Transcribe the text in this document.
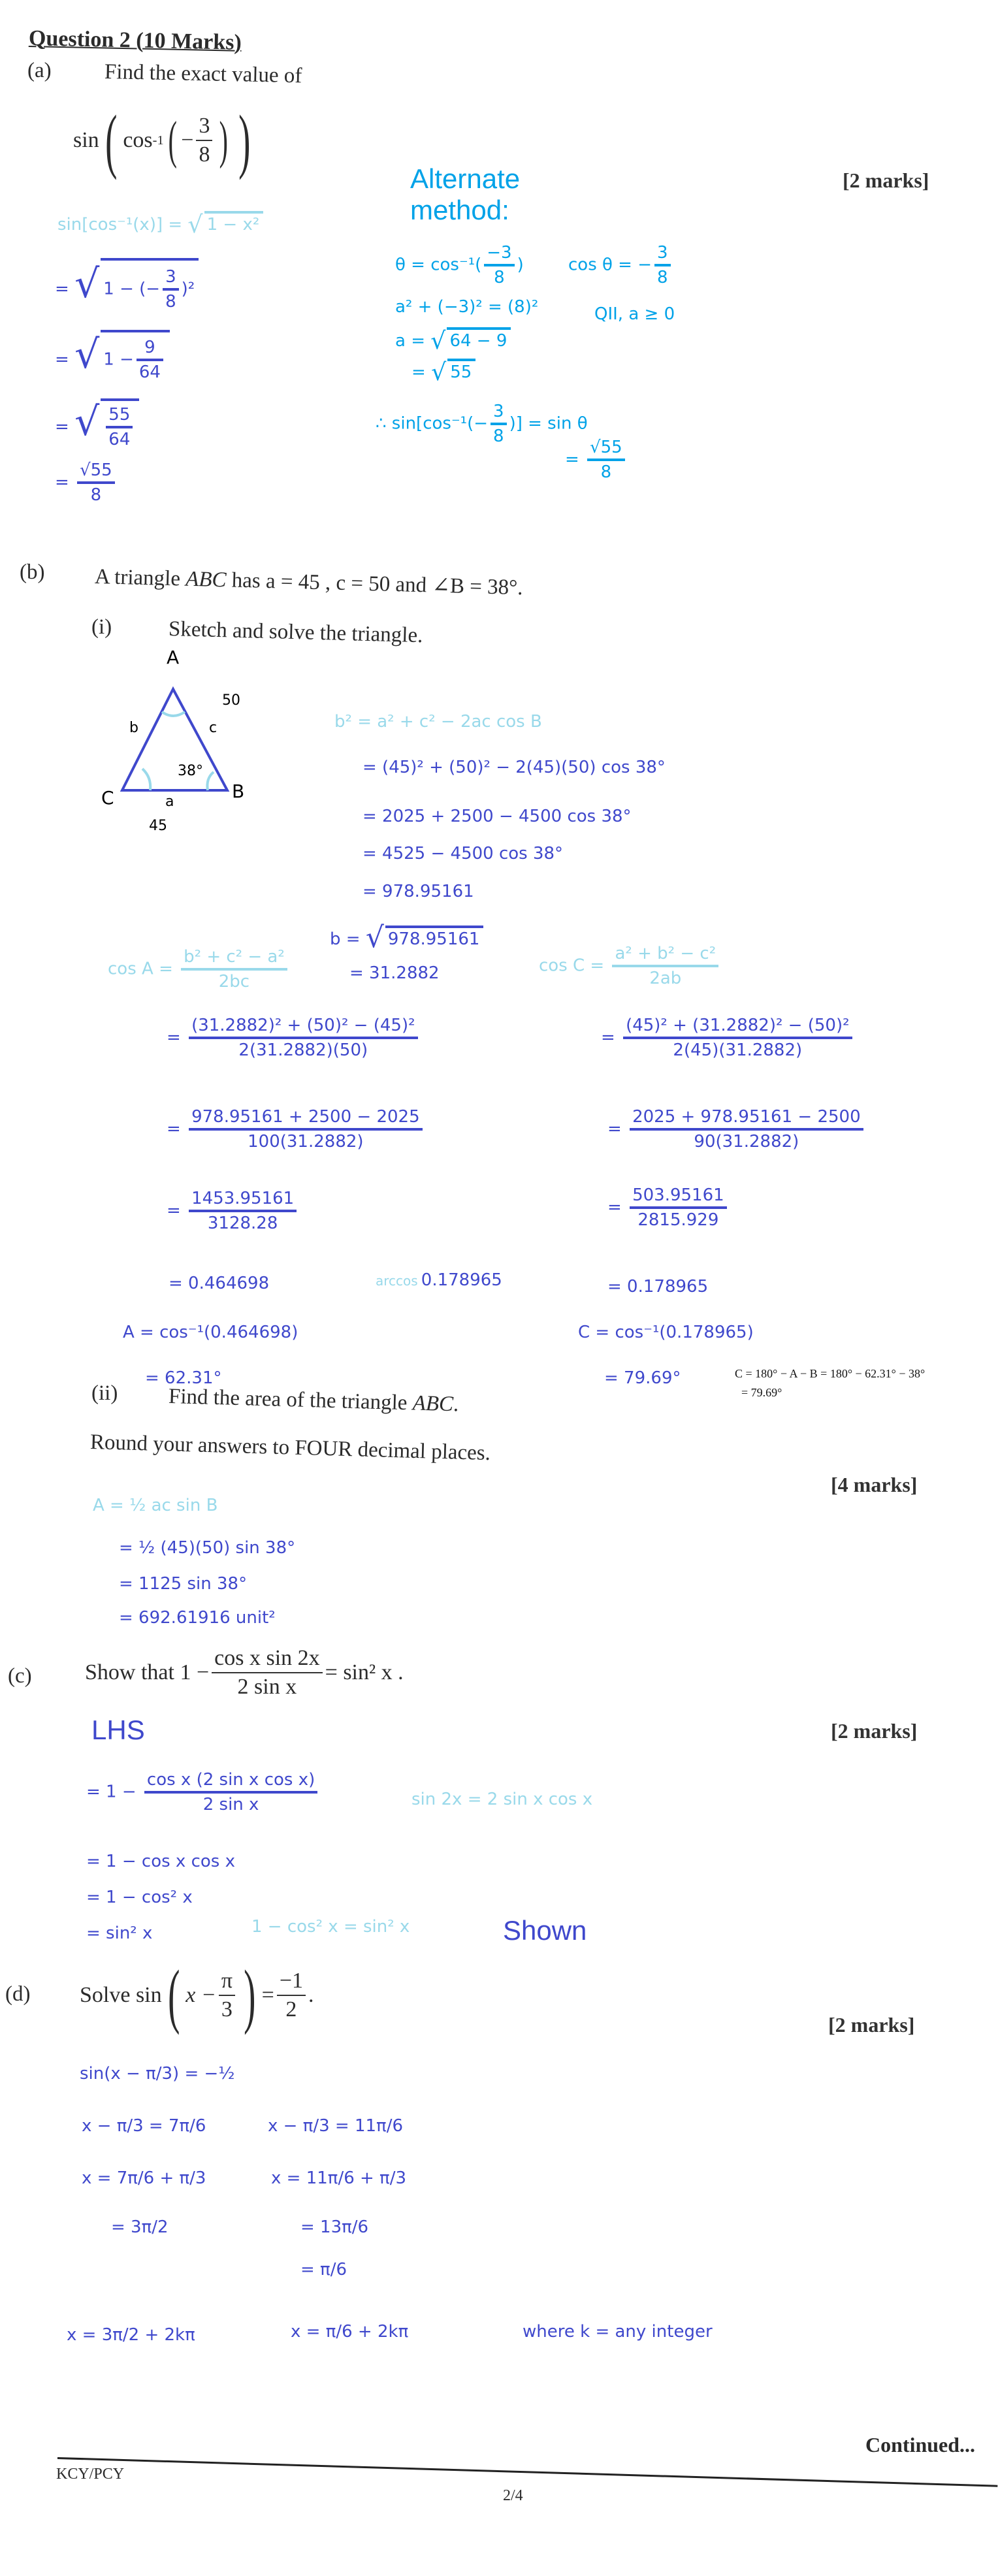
Question 2 (10 Marks)
(a) Find the exact value of
sin ( cos -1 ( − $\frac{3}{8}$ ) )	[2 marks]
Alternate
method:
sin[cos⁻¹(x)] = √ 1 − x²
= √ 1 − (− $\frac{3}{8} )^2$
= √ $1 - \frac{9}{64}$
= √ $\frac{55}{64}$
= $\frac{√55}{8}$
$\theta = \cos^{-1}( \frac{-3}{8}$ )	cos θ = − $\frac{3}{8}$
a² + (−3)² = (8)²	QII, a ≥ 0
a = √ 64 − 9
= √ 55
∴ $\sin[\cos^{-1}(- \frac{3}{8}$ )] = sin θ
= $\frac{√55}{8}$
(b) A triangle ABC has a = 45 , c = 50 and ∠B = 38°.
(i)	Sketch and solve the triangle.
A
C	B
50
c
b
38°
a
45
b² = a² + c² − 2ac cos B
= (45)² + (50)² − 2(45)(50) cos 38°
= 2025 + 2500 − 4500 cos 38°
= 4525 − 4500 cos 38°
= 978.95161
b = √ 978.95161
= 31.2882
$\cos A = \frac{\text{b² + c² − a²}}{2bc}$
= $\frac{\text{(31.2882)² + (50)² − (45)²}}{2(31.2882)(50)}$
= $\frac{978.95161 + 2500 - 2025}{100(31.2882)}$
= $\frac{1453.95161}{3128.28}$
= 0.464698
A = cos⁻¹(0.464698)
= 62.31°
arccos 0.178965
$\cos C = \frac{\text{a² + b² − c²}}{2ab}$
= $\frac{\text{(45)² + (31.2882)² − (50)²}}{2(45)(31.2882)}$
= $\frac{2025 + 978.95161 - 2500}{90(31.2882)}$
= $\frac{503.95161}{2815.929}$
= 0.178965
C = cos⁻¹(0.178965)
= 79.69°	C = 180° − A − B = 180° − 62.31° − 38°
= 79.69°
(ii) Find the area of the triangle ABC.
Round your answers to FOUR decimal places.
[4 marks]
A = ½ ac sin B
= ½ (45)(50) sin 38°
= 1125 sin 38°
= 692.61916 unit²
(c) Show that
$1 - \frac{\text{cos x sin 2x}}{\text{2 sin x}} = \sin^2$ x .
LHS	[2 marks]
= $1 - \frac{\text{cos x (2 sin x cos x)}}{\text{2 sin x}}$	sin 2x = 2 sin x cos x
= 1 − cos x cos x
= 1 − cos² x
= sin² x	1 − cos² x = sin² x	Shown
(d) Solve
sin ( $x - \frac{\pi}{3}$ ) = $\frac{-1}{2}$ .
[2 marks]
sin(x − π/3) = −½
x − π/3 = 7π/6
x = 7π/6 + π/3
= 3π/2
x − π/3 = 11π/6
x = 11π/6 + π/3
= 13π/6
= π/6
x = 3π/2 + 2kπ	x = π/6 + 2kπ	where k = any integer
Continued...
KCY/PCY
2/4
